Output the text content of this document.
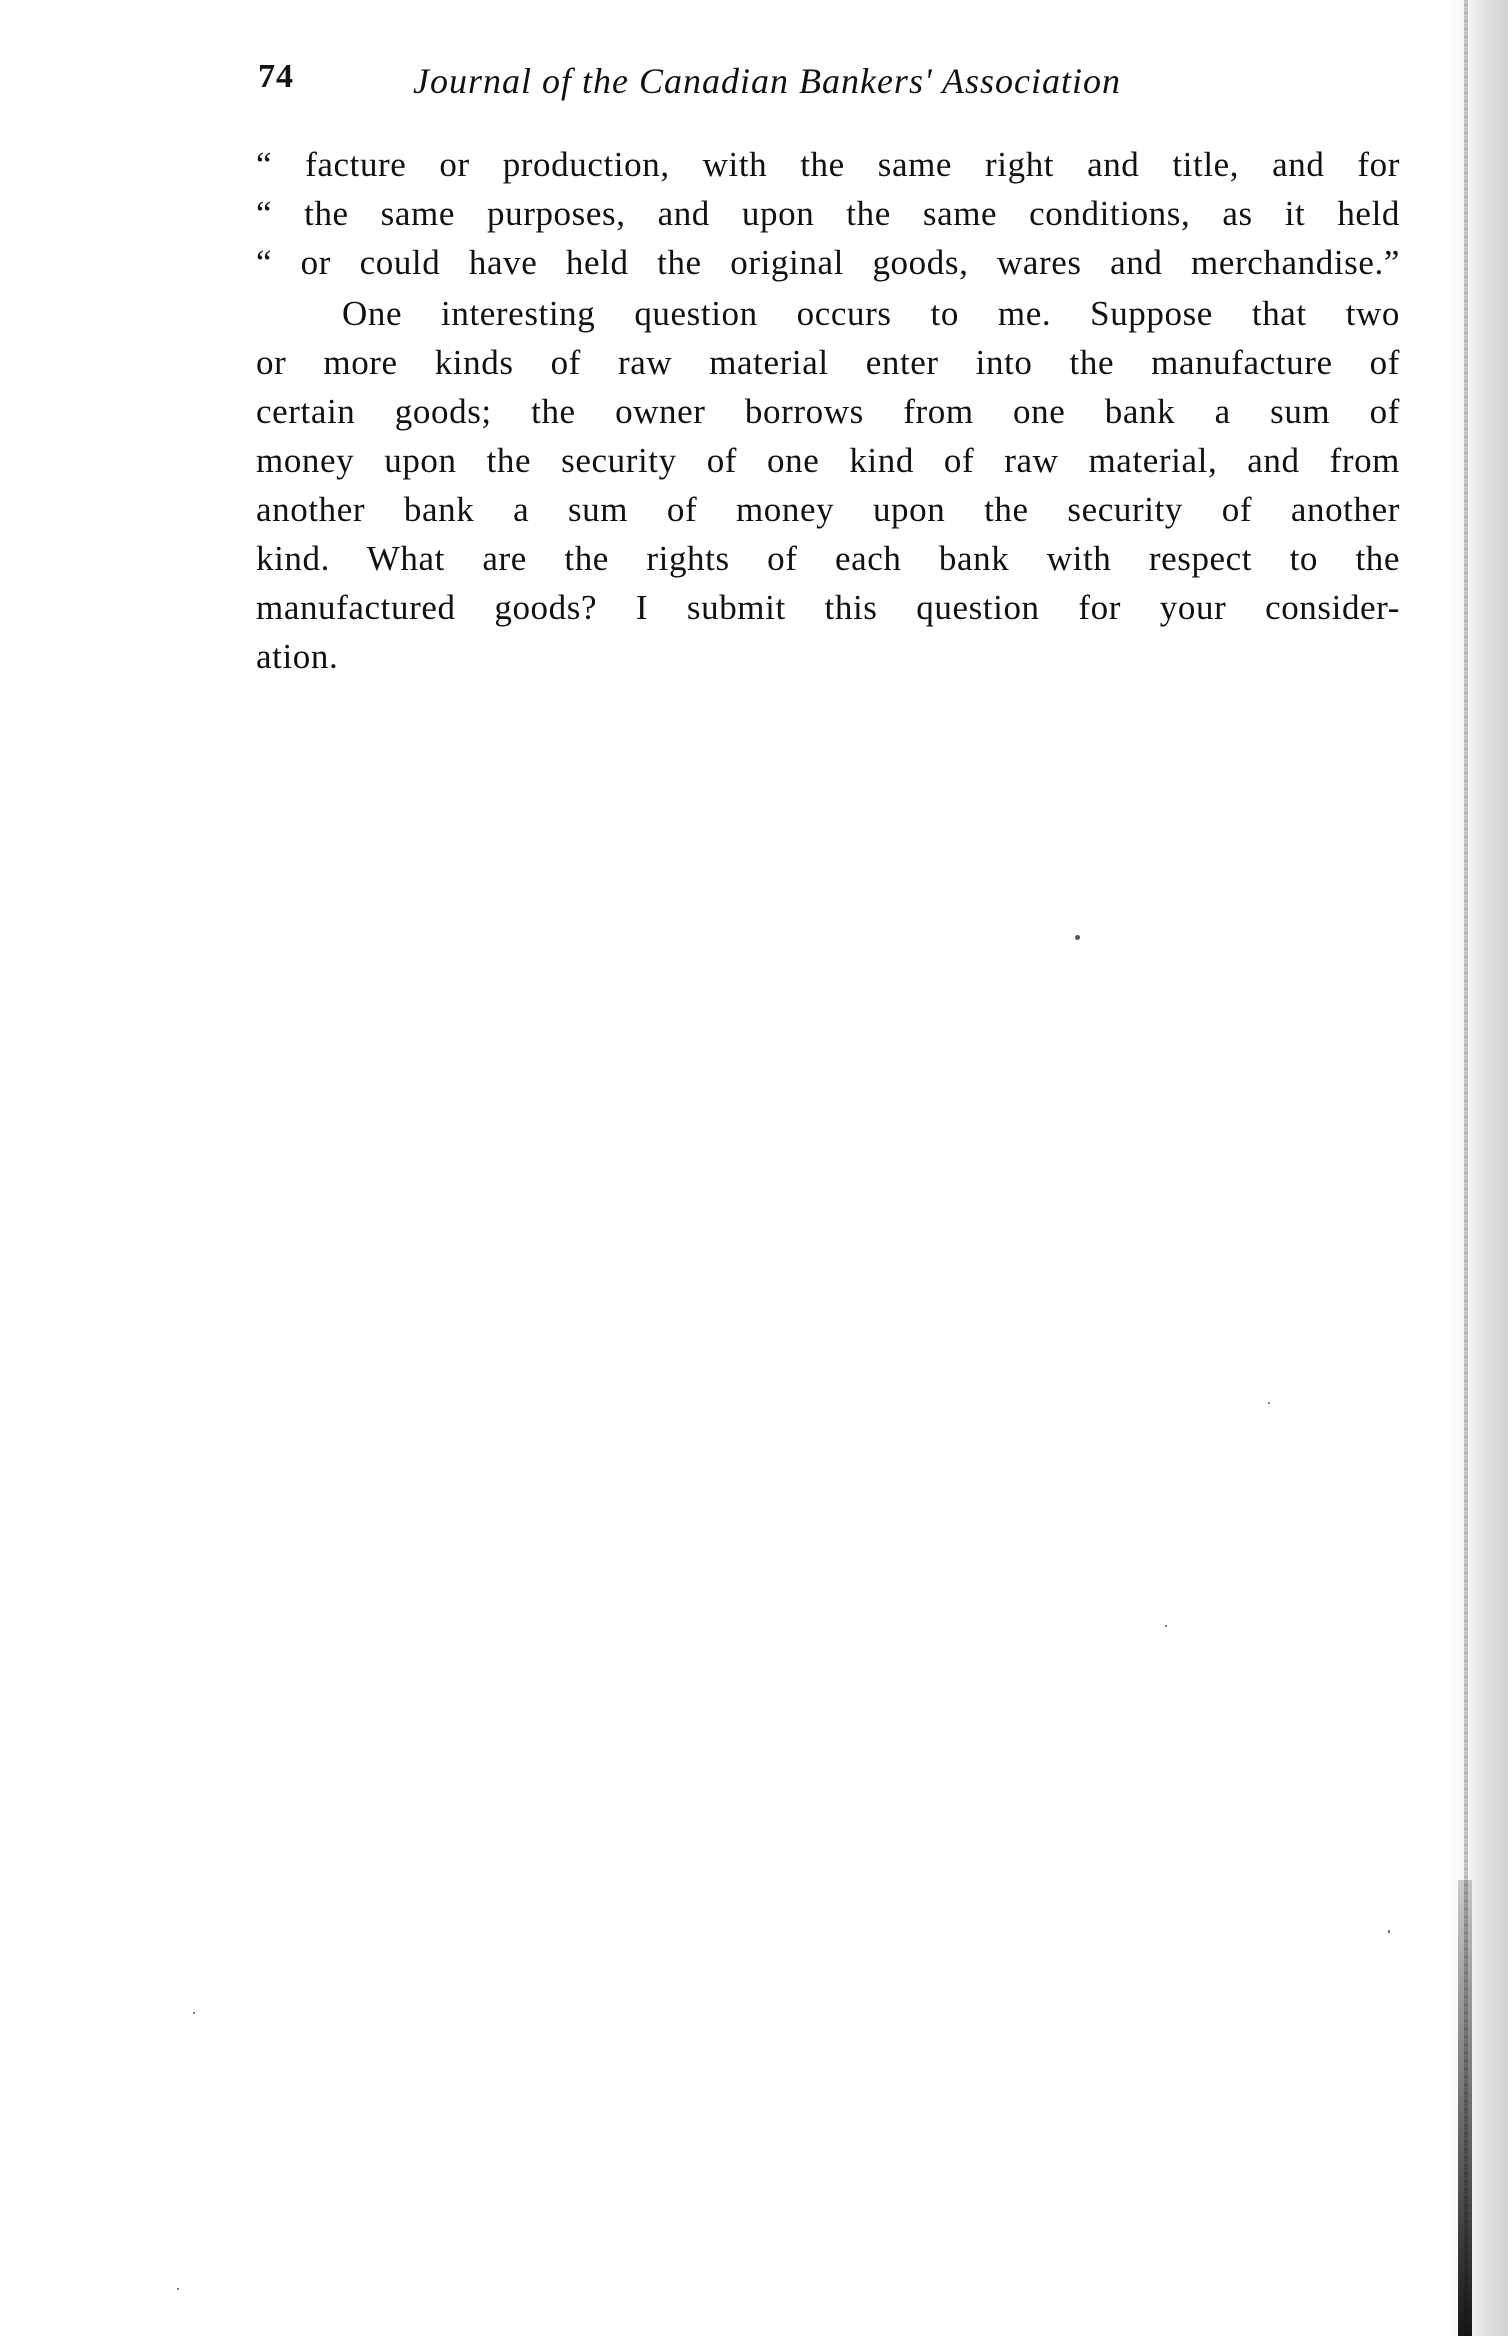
74	Journal of the Canadian Bankers' Association
“ facture or production, with the same right and title, and for
“ the same purposes, and upon the same conditions, as it held
“ or could have held the original goods, wares and merchandise.”
One interesting question occurs to me. Suppose that two
or more kinds of raw material enter into the manufacture of
certain goods; the owner borrows from one bank a sum of
money upon the security of one kind of raw material, and from
another bank a sum of money upon the security of another
kind. What are the rights of each bank with respect to the
manufactured goods? I submit this question for your consider-
ation.
